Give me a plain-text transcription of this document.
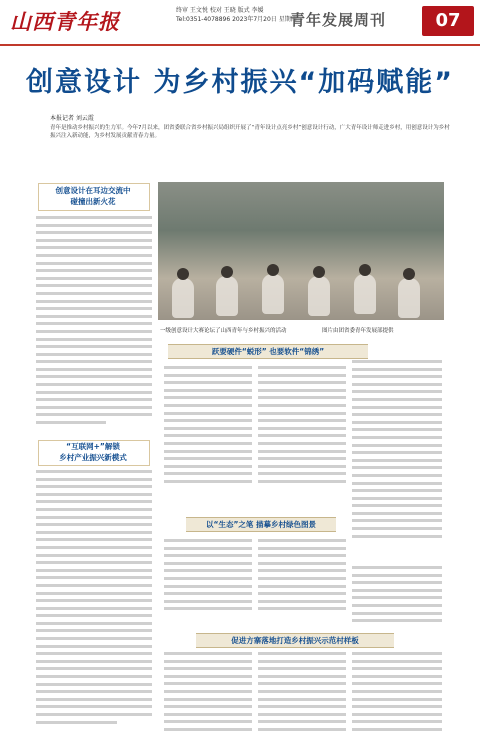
山西青年报	终审 王文悦 校对 王晓 版式 李媛
Tel:0351-4078896 2023年7月20日 星期四
青年发展周刊	07
创意设计 为乡村振兴“加码赋能”
本报记者 刘云霞
青年是推动乡村振兴的生力军。今年7月以来，团省委联合省乡村振兴局组织开展了“青年设计点亮乡村”创意设计行动，广大青年设计师走进乡村，用创意设计为乡村振兴注入新动能，为乡村发展贡献青春力量。
创意设计在耳边交流中
碰撞出新火花
“互联网+”解锁
乡村产业振兴新模式
一级创意设计大赛论坛了山西青年与乡村振兴的活动	图片由团省委青年发展部提供
跃要硬件“蜕形” 也要软件“锦绣”
以“生态”之笔 描摹乡村绿色图景
促进方寨落地打造乡村振兴示范村样板
